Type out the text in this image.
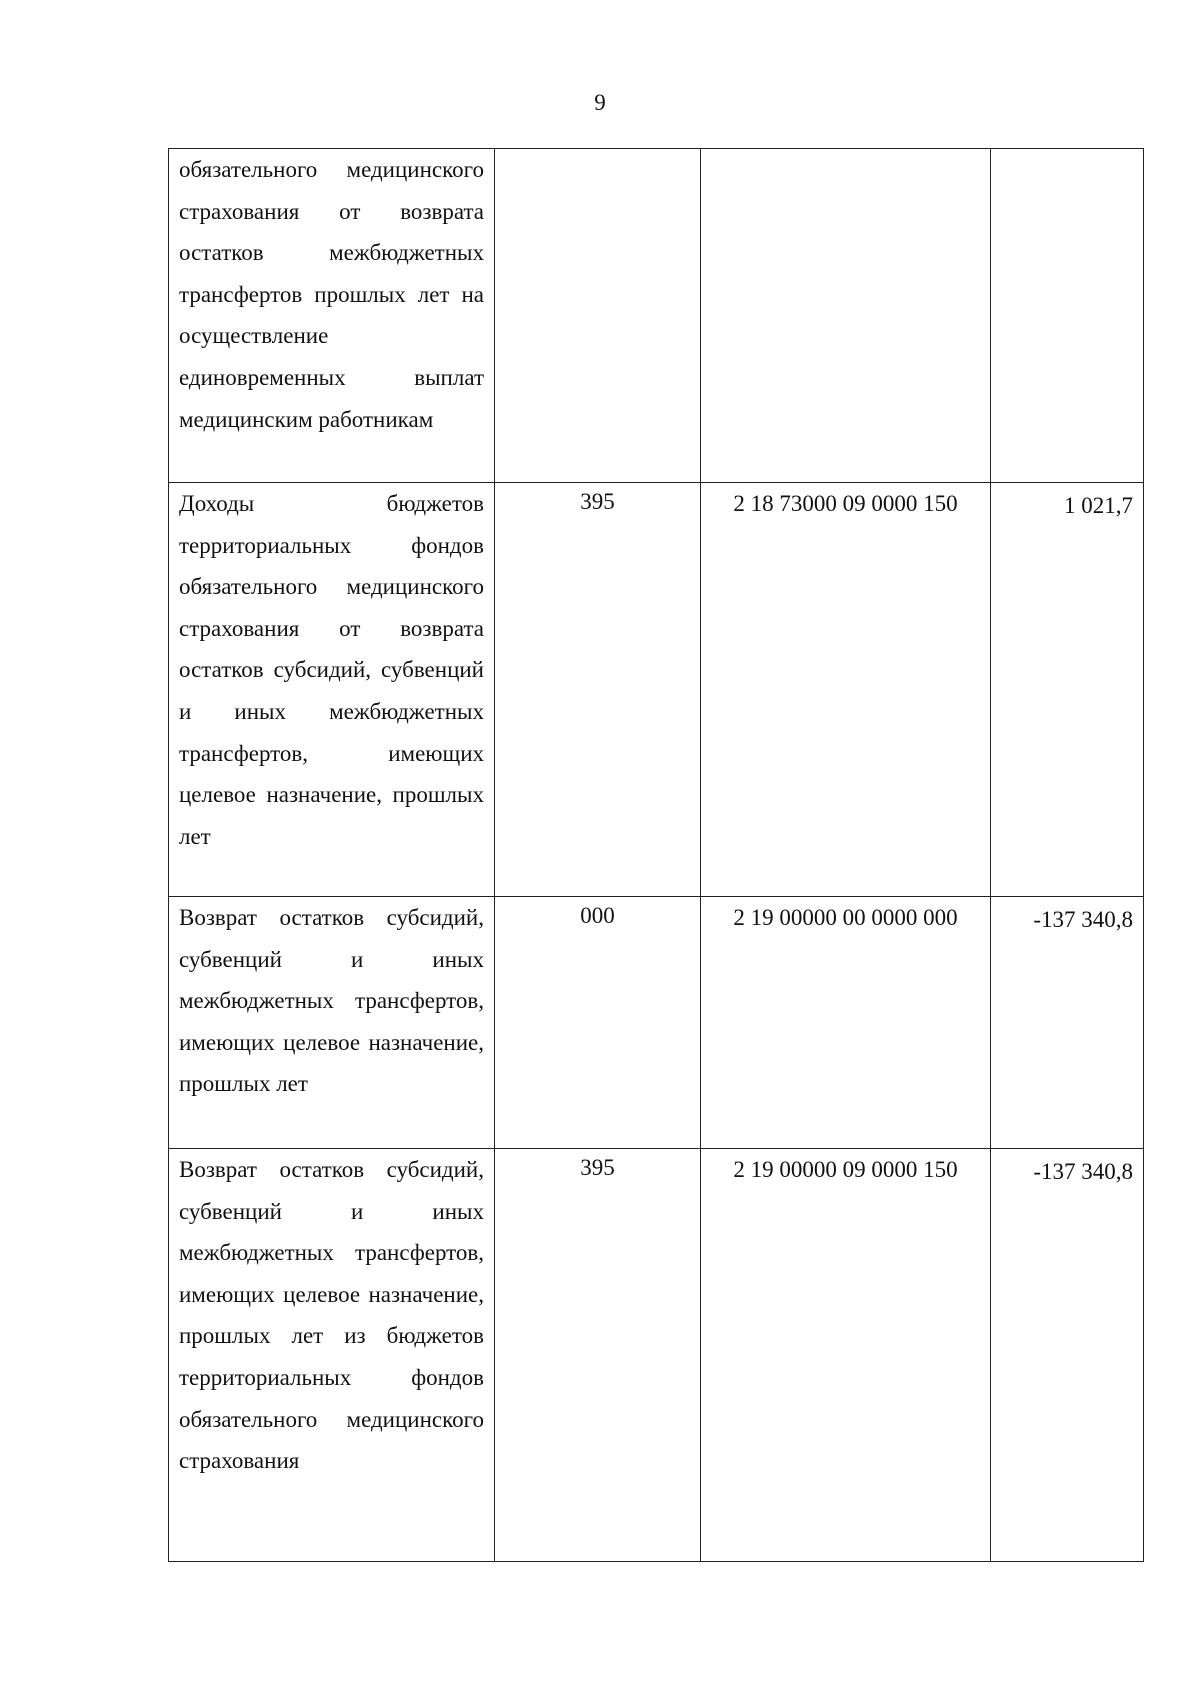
9
обязательного медицинского страхования от возврата остатков межбюджетных трансфертов прошлых лет на осуществление единовременных выплат медицинским работникам			

Доходы бюджетов территориальных фондов обязательного медицинского страхования от возврата остатков субсидий, субвенций и иных межбюджетных трансфертов, имеющих целевое назначение, прошлых лет	395	2 18 73000 09 0000 150	1 021,7

Возврат остатков субсидий, субвенций и иных межбюджетных трансфертов, имеющих целевое назначение, прошлых лет	000	2 19 00000 00 0000 000	-137 340,8

Возврат остатков субсидий, субвенций и иных межбюджетных трансфертов, имеющих целевое назначение, прошлых лет из бюджетов территориальных фондов обязательного медицинского страхования	395	2 19 00000 09 0000 150	-137 340,8
